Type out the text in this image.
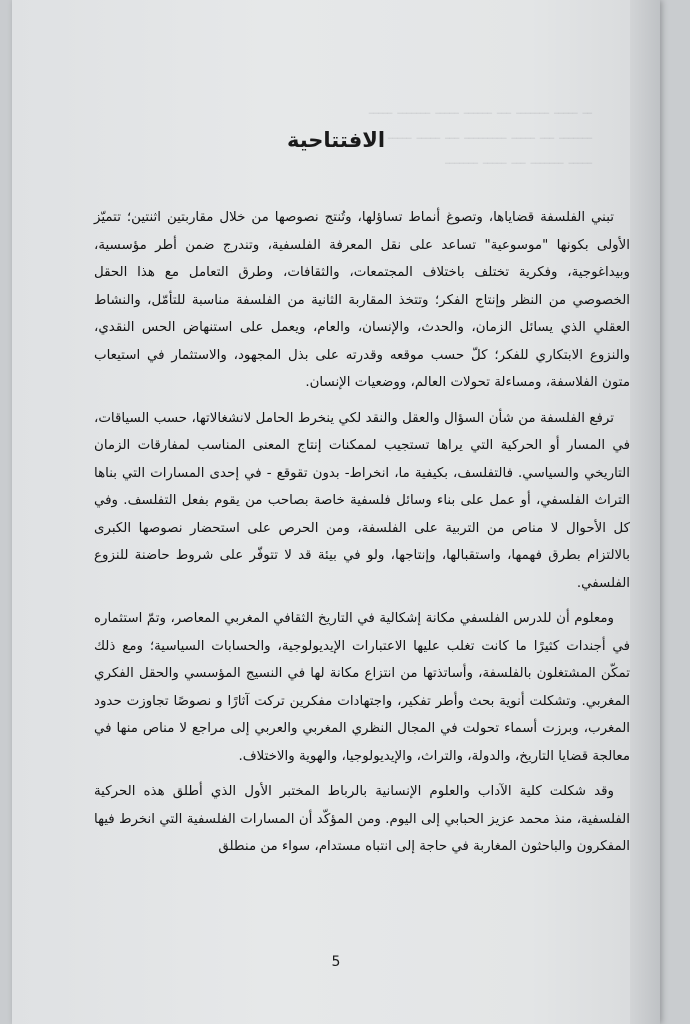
ــ ـــــ ـــــــ ـــ ــــــ ـــــ ـــــــ ـــــ
ـــــــ ـــ ـــــ ـــــــــ ـــ ـــــ ـــــ
ـــــ ـــــــ ـــ ـــــ ـــــــ
الافتتاحية

تبني الفلسفة قضاياها، وتصوغ أنماط تساؤلها، وتُنتج نصوصها من خلال مقاربتين اثنتين؛ تتميّز الأولى بكونها "موسوعية" تساعد على نقل المعرفة الفلسفية، وتندرج ضمن أطر مؤسسية، وبيداغوجية، وفكرية تختلف باختلاف المجتمعات، والثقافات، وطرق التعامل مع هذا الحقل الخصوصي من النظر وإنتاج الفكر؛ وتتخذ المقاربة الثانية من الفلسفة مناسبة للتأمّل، والنشاط العقلي الذي يسائل الزمان، والحدث، والإنسان، والعام، ويعمل على استنهاض الحس النقدي، والنزوع الابتكاري للفكر؛ كلّ حسب موقعه وقدرته على بذل المجهود، والاستثمار في استيعاب متون الفلاسفة، ومساءلة تحولات العالم، ووضعيات الإنسان.

ترفع الفلسفة من شأن السؤال والعقل والنقد لكي ينخرط الحامل لانشغالاتها، حسب السياقات، في المسار أو الحركية التي يراها تستجيب لممكنات إنتاج المعنى المناسب لمفارقات الزمان التاريخي والسياسي. فالتفلسف، بكيفية ما، انخراط- بدون تقوقع - في إحدى المسارات التي بناها التراث الفلسفي، أو عمل على بناء وسائل فلسفية خاصة بصاحب من يقوم بفعل التفلسف. وفي كل الأحوال لا مناص من التربية على الفلسفة، ومن الحرص على استحضار نصوصها الكبرى بالالتزام بطرق فهمها، واستقبالها، وإنتاجها، ولو في بيئة قد لا تتوفّر على شروط حاضنة للنزوع الفلسفي.

ومعلوم أن للدرس الفلسفي مكانة إشكالية في التاريخ الثقافي المغربي المعاصر، وتمّ استثماره في أجندات كثيرًا ما كانت تغلب عليها الاعتبارات الإيديولوجية، والحسابات السياسية؛ ومع ذلك تمكّن المشتغلون بالفلسفة، وأساتذتها من انتزاع مكانة لها في النسيج المؤسسي والحقل الفكري المغربي. وتشكلت أنوية بحث وأطر تفكير، واجتهادات مفكرين تركت آثارًا و نصوصًا تجاوزت حدود المغرب، وبرزت أسماء تحولت في المجال النظري المغربي والعربي إلى مراجع لا مناص منها في معالجة قضايا التاريخ، والدولة، والتراث، والإيديولوجيا، والهوية والاختلاف.

وقد شكلت كلية الآداب والعلوم الإنسانية بالرباط المختبر الأول الذي أطلق هذه الحركية الفلسفية، منذ محمد عزيز الحبابي إلى اليوم. ومن المؤكّد أن المسارات الفلسفية التي انخرط فيها المفكرون والباحثون المغاربة في حاجة إلى انتباه مستدام، سواء من منطلق

5
